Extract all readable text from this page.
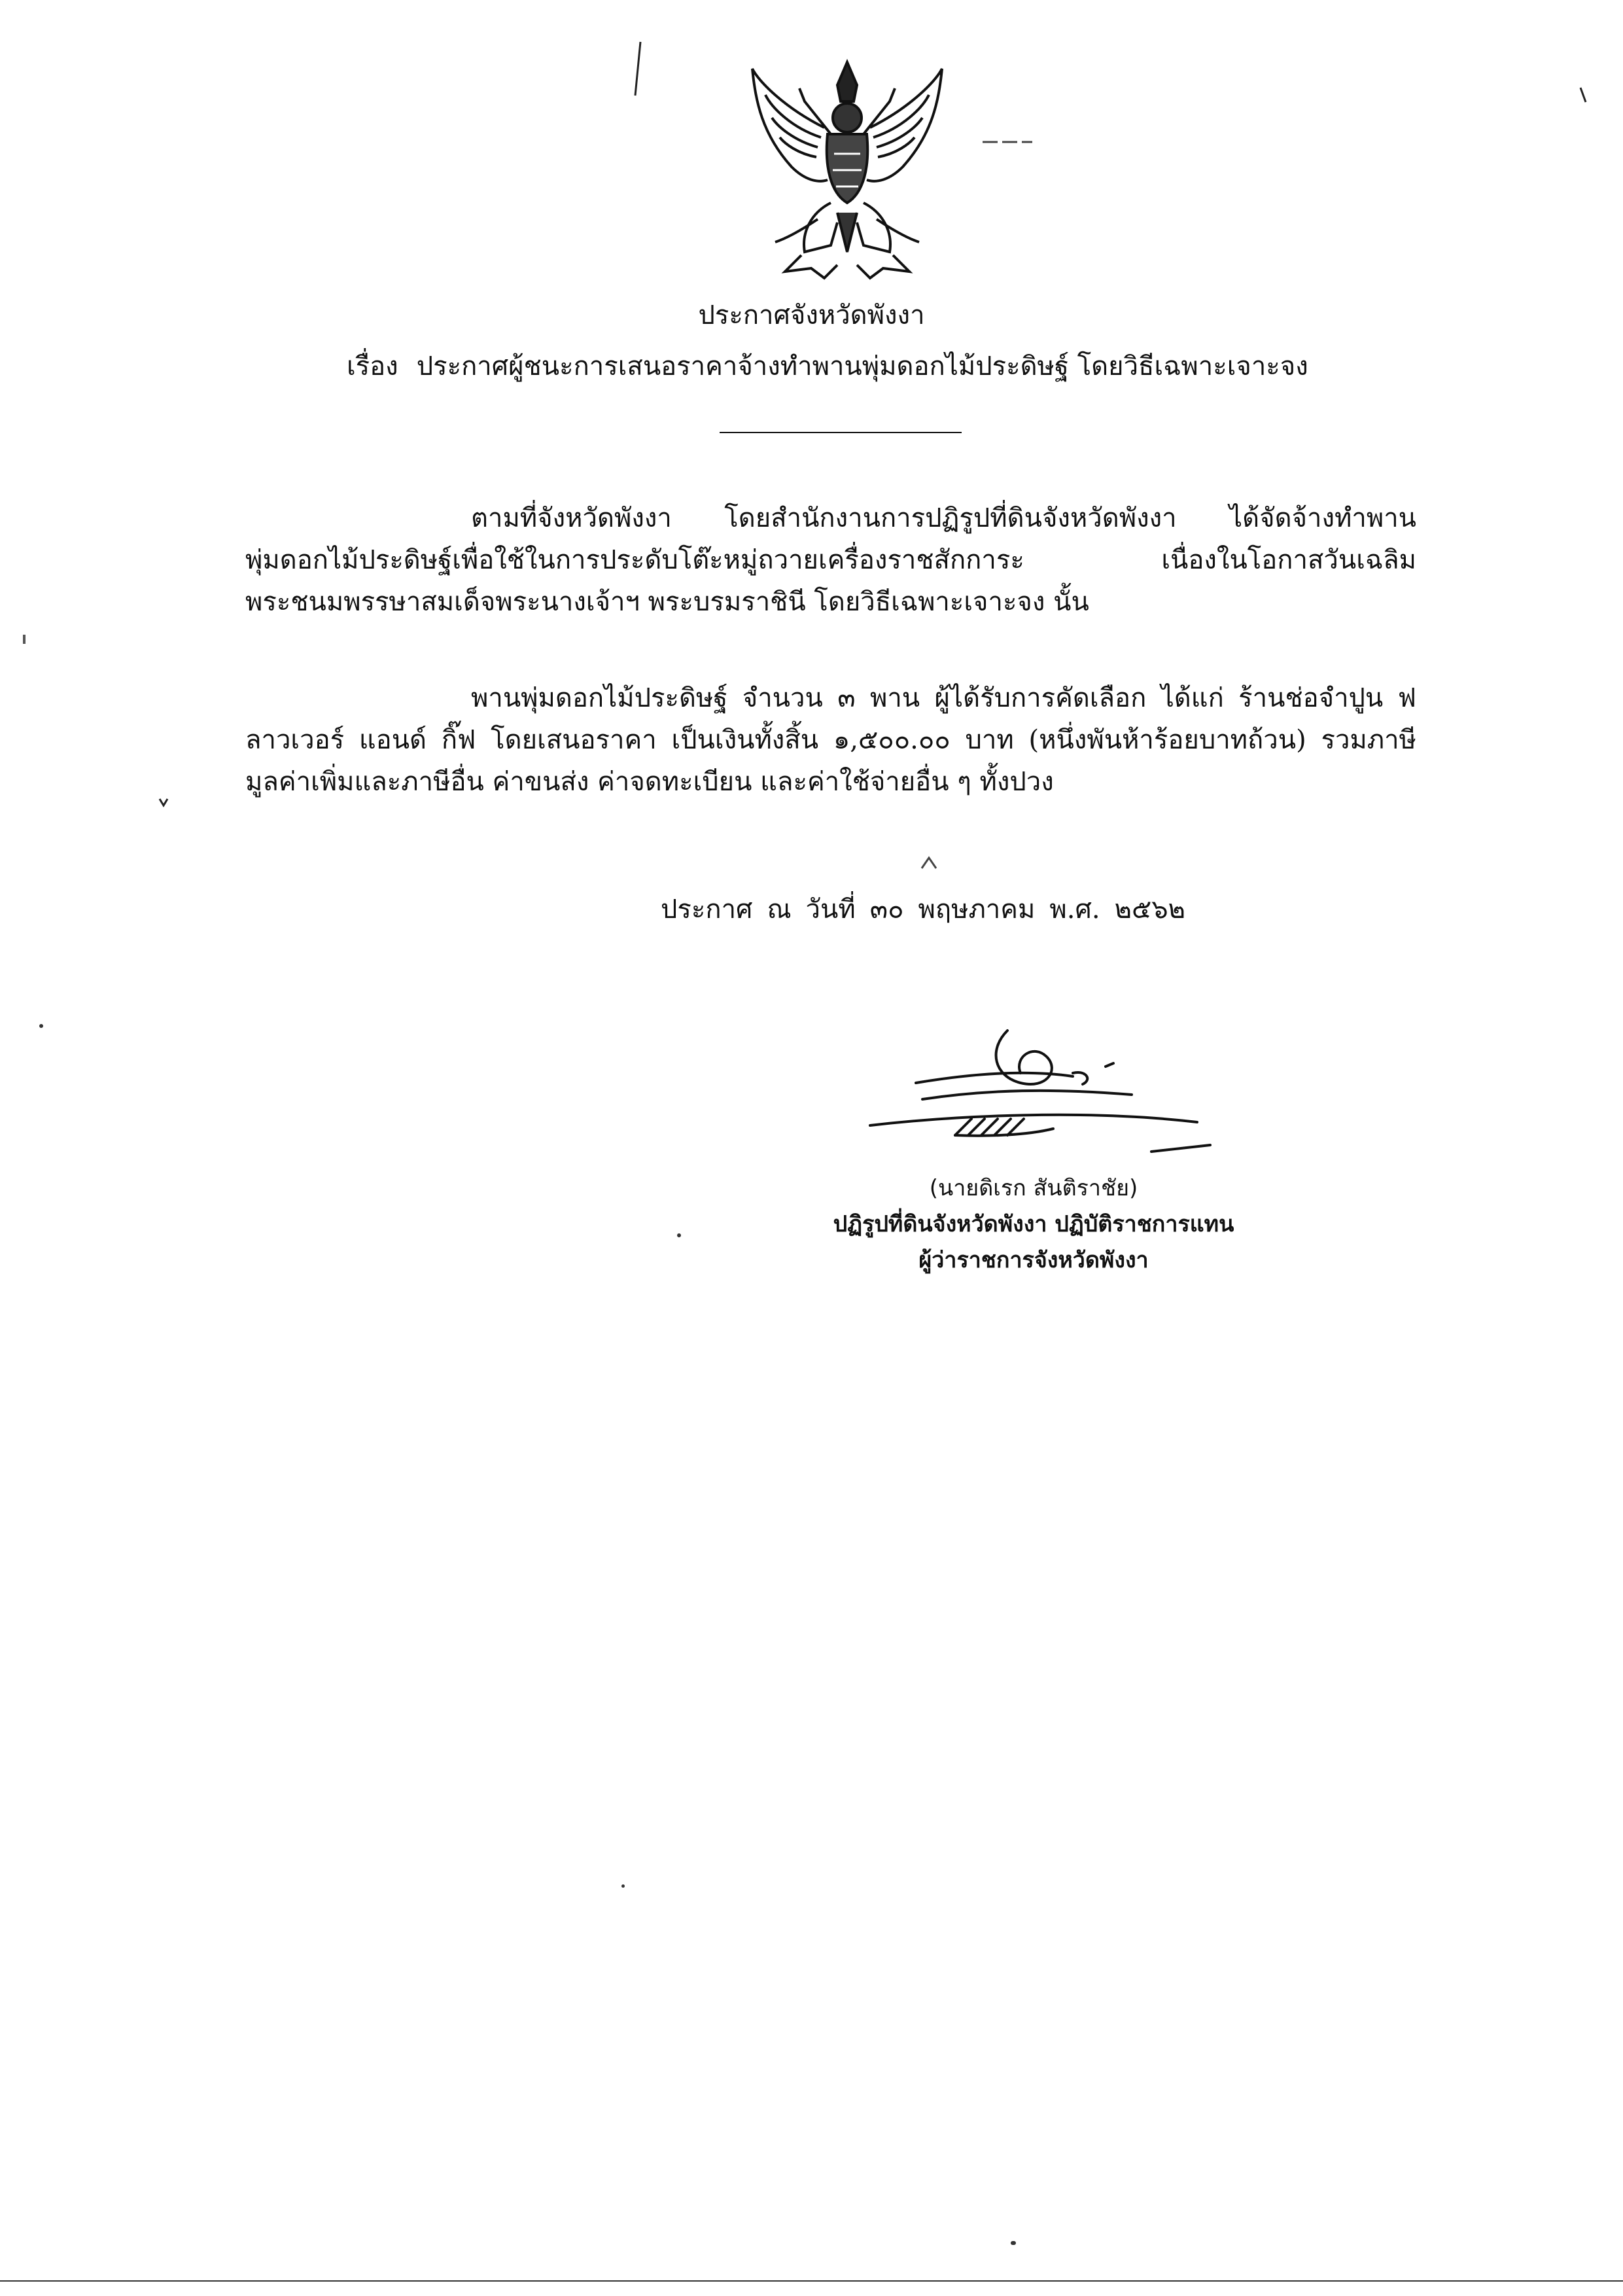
ประกาศจังหวัดพังงา
เรื่อง ประกาศผู้ชนะการเสนอราคาจ้างทำพานพุ่มดอกไม้ประดิษฐ์ โดยวิธีเฉพาะเจาะจง
ตามที่จังหวัดพังงา โดยสำนักงานการปฏิรูปที่ดินจังหวัดพังงา ได้จัดจ้างทำพานพุ่มดอกไม้ประดิษฐ์เพื่อใช้ในการประดับโต๊ะหมู่ถวายเครื่องราชสักการะ เนื่องในโอกาสวันเฉลิมพระชนมพรรษาสมเด็จพระนางเจ้าฯ พระบรมราชินี โดยวิธีเฉพาะเจาะจง นั้น
พานพุ่มดอกไม้ประดิษฐ์ จำนวน ๓ พาน ผู้ได้รับการคัดเลือก ได้แก่ ร้านช่อจำปูน ฟลาวเวอร์ แอนด์ กิ๊ฟ โดยเสนอราคา เป็นเงินทั้งสิ้น ๑,๕๐๐.๐๐ บาท (หนึ่งพันห้าร้อยบาทถ้วน) รวมภาษีมูลค่าเพิ่มและภาษีอื่น ค่าขนส่ง ค่าจดทะเบียน และค่าใช้จ่ายอื่น ๆ ทั้งปวง
ประกาศ ณ วันที่ ๓๐ พฤษภาคม พ.ศ. ๒๕๖๒
(นายดิเรก สันติราชัย)
ปฏิรูปที่ดินจังหวัดพังงา ปฏิบัติราชการแทน
ผู้ว่าราชการจังหวัดพังงา
